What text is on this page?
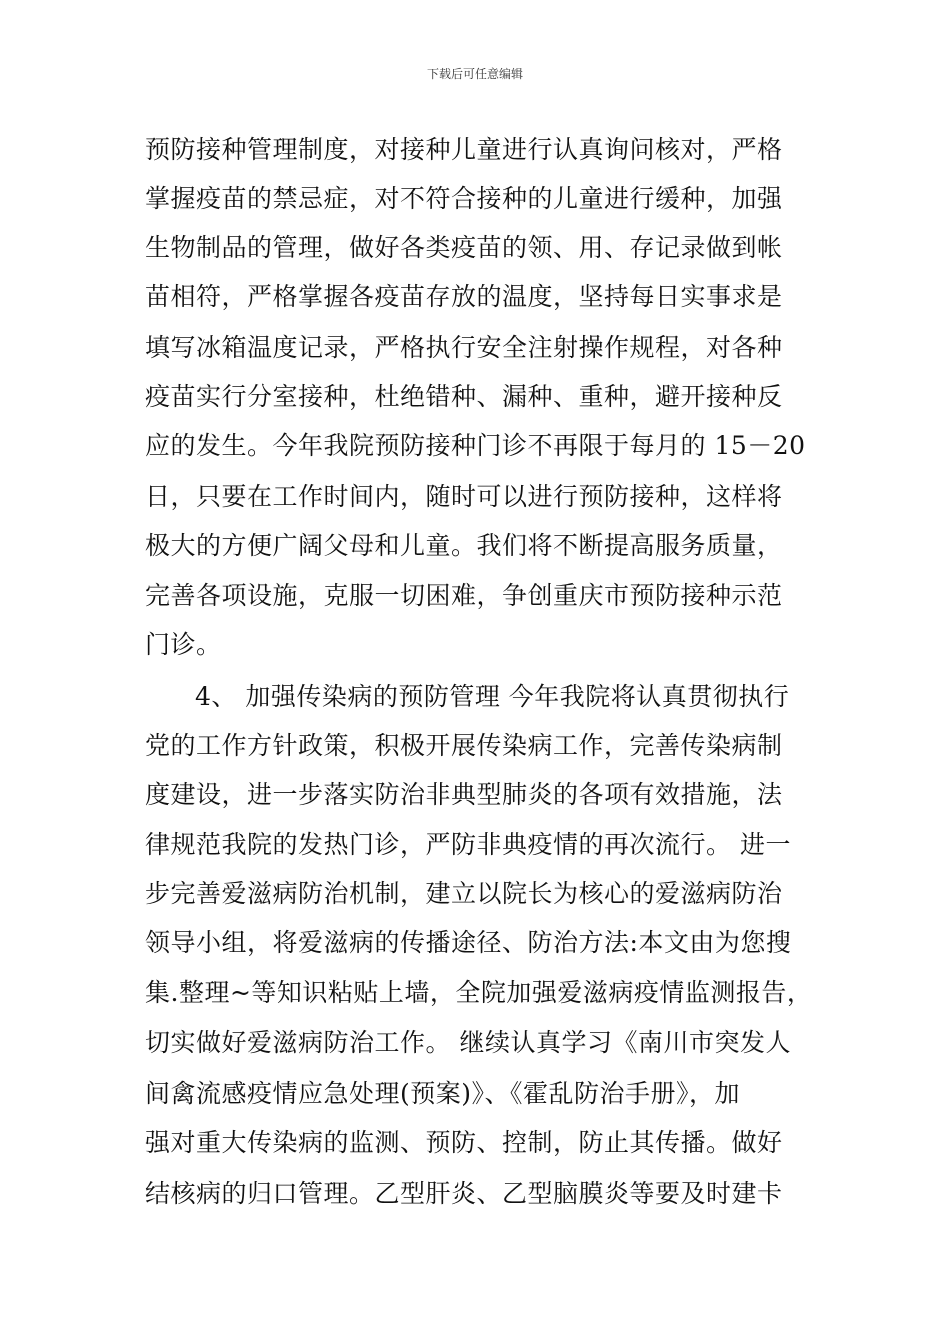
下载后可任意编辑
预防接种管理制度，对接种儿童进行认真询问核对，严格
掌握疫苗的禁忌症，对不符合接种的儿童进行缓种，加强
生物制品的管理，做好各类疫苗的领、用、存记录做到帐
苗相符，严格掌握各疫苗存放的温度，坚持每日实事求是
填写冰箱温度记录，严格执行安全注射操作规程，对各种
疫苗实行分室接种，杜绝错种、漏种、重种，避开接种反
应的发生。今年我院预防接种门诊不再限于每月的 15－20
日，只要在工作时间内，随时可以进行预防接种，这样将
极大的方便广阔父母和儿童。我们将不断提高服务质量，
完善各项设施，克服一切困难，争创重庆市预防接种示范
门诊。
4、 加强传染病的预防管理 今年我院将认真贯彻执行
党的工作方针政策，积极开展传染病工作，完善传染病制
度建设，进一步落实防治非典型肺炎的各项有效措施，法
律规范我院的发热门诊，严防非典疫情的再次流行。 进一
步完善爱滋病防治机制，建立以院长为核心的爱滋病防治
领导小组，将爱滋病的传播途径、防治方法:本文由为您搜
集.整理~等知识粘贴上墙，全院加强爱滋病疫情监测报告，
切实做好爱滋病防治工作。 继续认真学习《南川市突发人
间禽流感疫情应急处理(预案)》、《霍乱防治手册》，加
强对重大传染病的监测、预防、控制，防止其传播。做好
结核病的归口管理。乙型肝炎、乙型脑膜炎等要及时建卡
